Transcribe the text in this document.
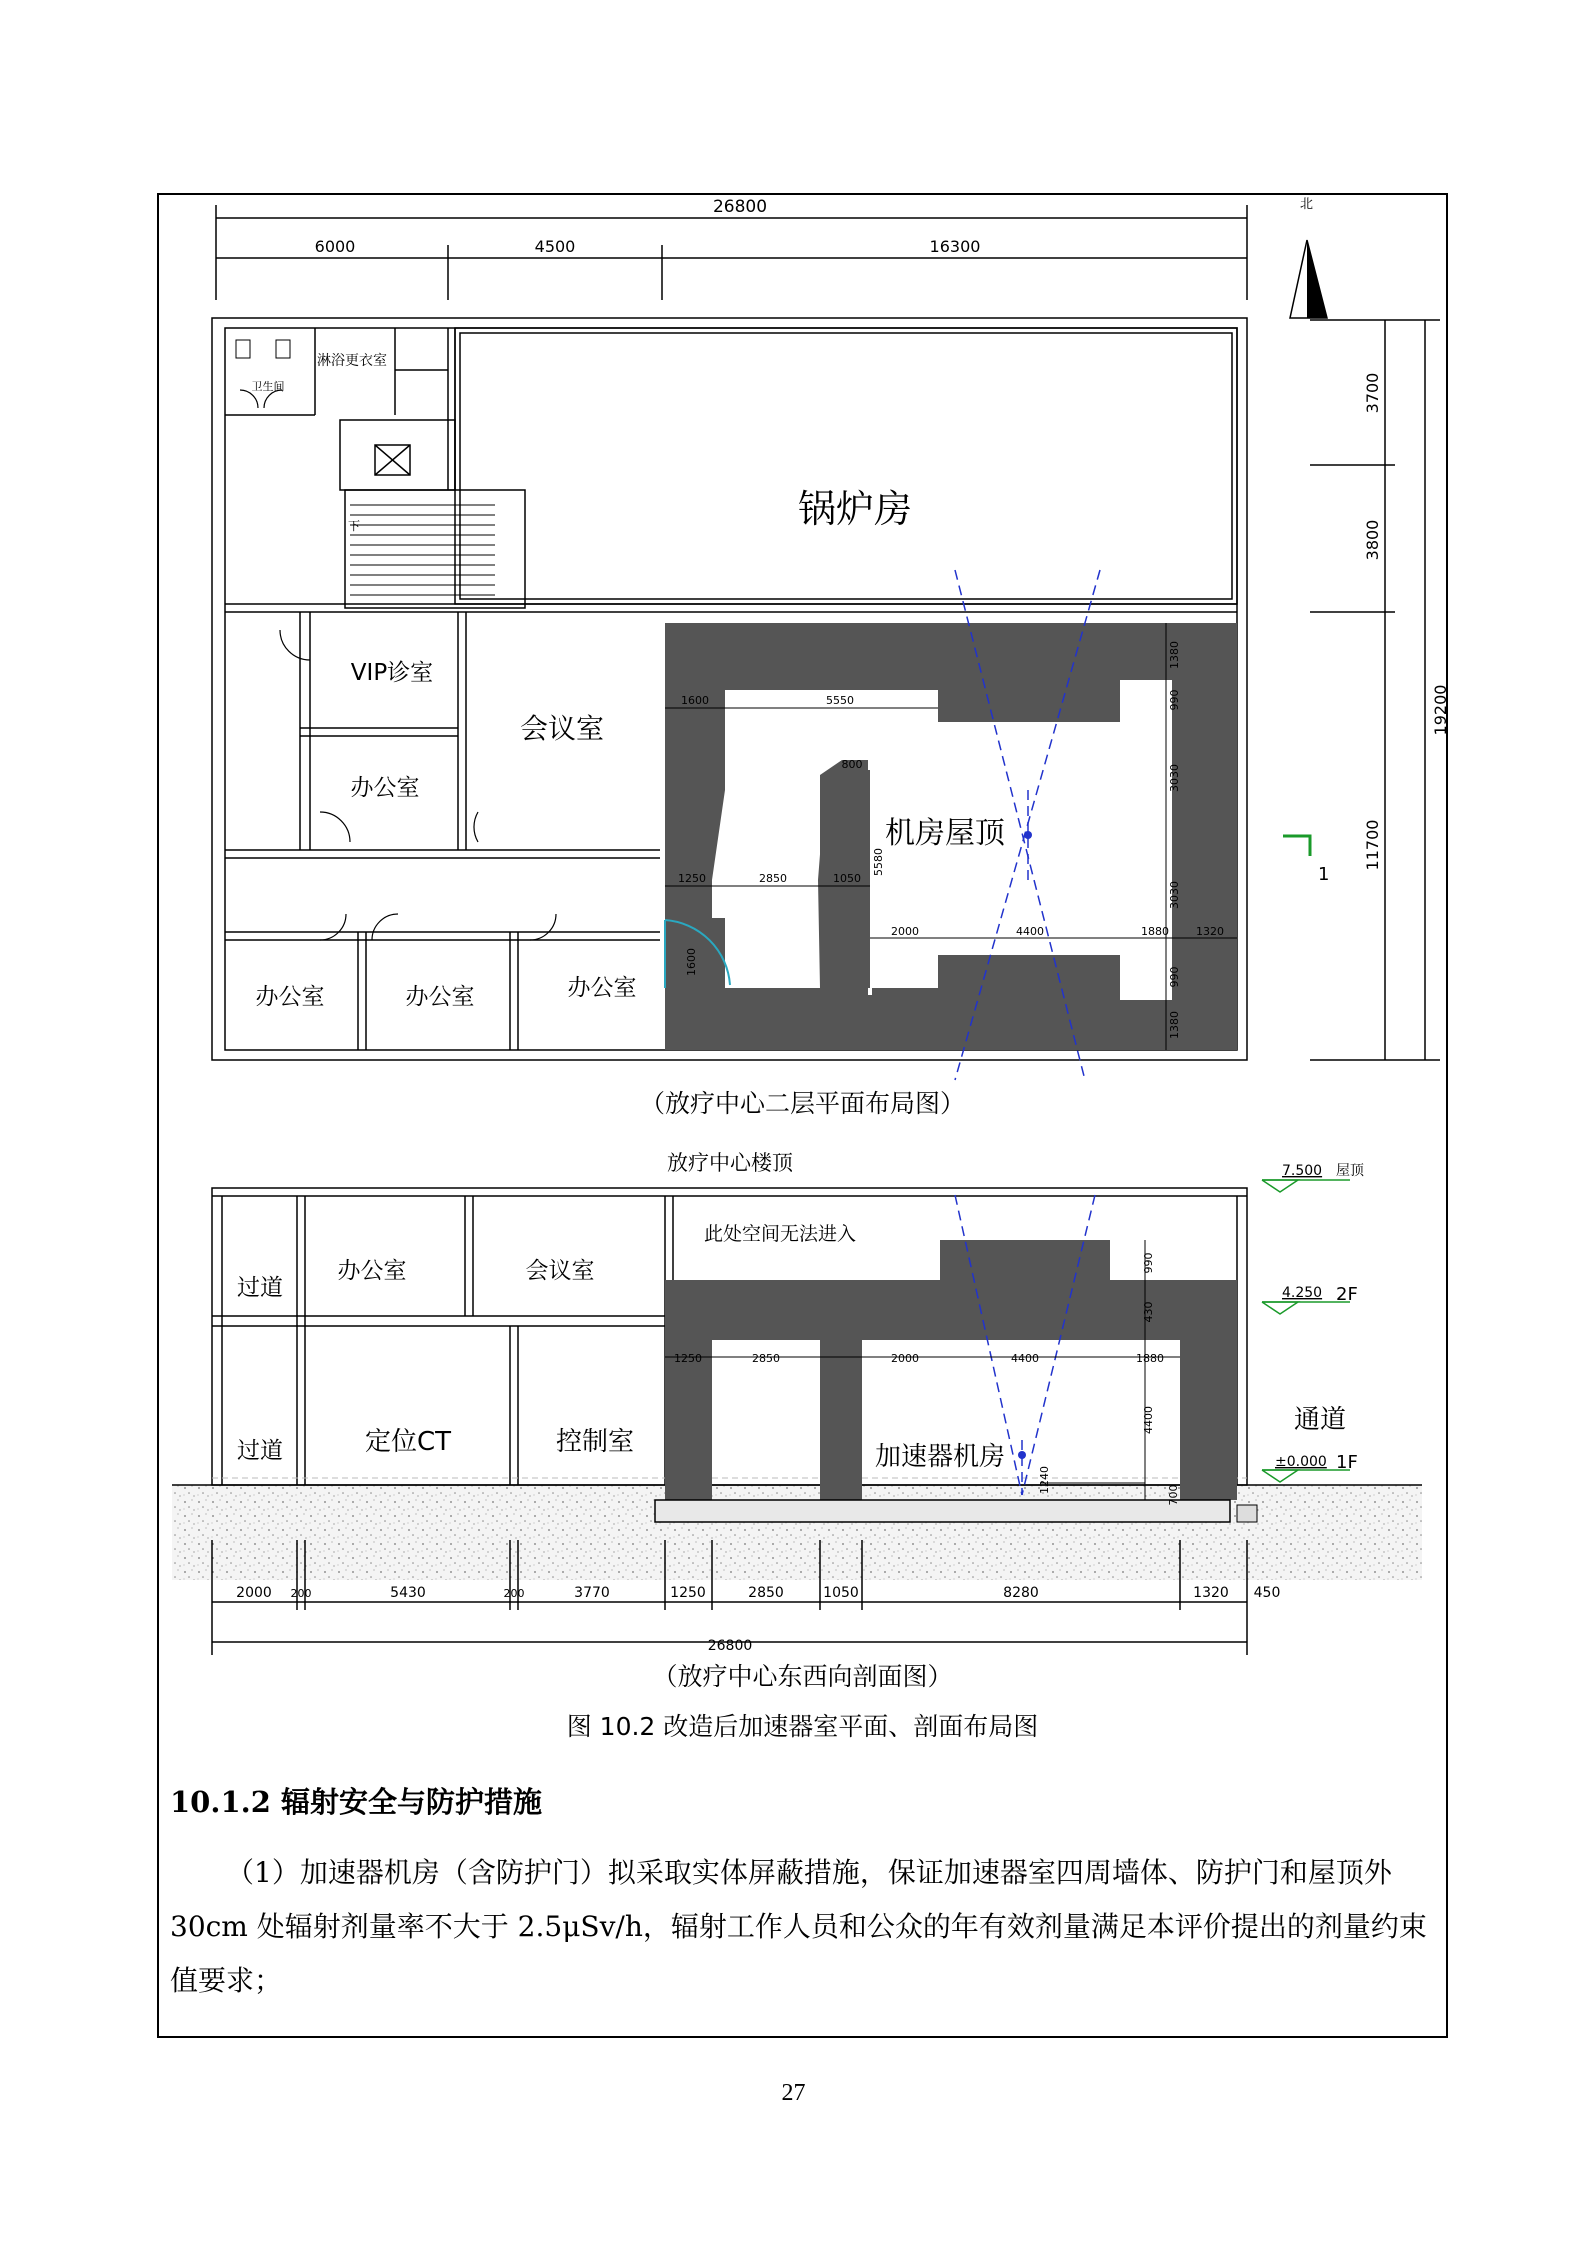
26800
6000	4500	16300
北
3700
3800
11700
19200
1600	5550
800
1250	2850	1050
2000	4400	1880 1320
5580
1600
1380
990
3030
3030
990
1380
锅炉房
淋浴更衣室
卫生间
下
VIP诊室
会议室
办公室
办公室	办公室	办公室
机房屋顶
1
放疗中心楼顶
1250	2850	2000	4400	1880
990
430
4400
1240
700
此处空间无法进入
过道
办公室	会议室
过道	定位CT	控制室	加速器机房
通道
7.500 屋顶
4.250 2F
±0.000 1F
2000 200	5430	200	3770	1250	2850	1050	8280	1320 450
26800
（放疗中心二层平面布局图）
（放疗中心东西向剖面图）
图 10.2 改造后加速器室平面、剖面布局图
10.1.2 辐射安全与防护措施
（1）加速器机房（含防护门）拟采取实体屏蔽措施，保证加速器室四周墙体、防护门和屋顶外 30cm 处辐射剂量率不大于 2.5μSv/h，辐射工作人员和公众的年有效剂量满足本评价提出的剂量约束值要求；
27
